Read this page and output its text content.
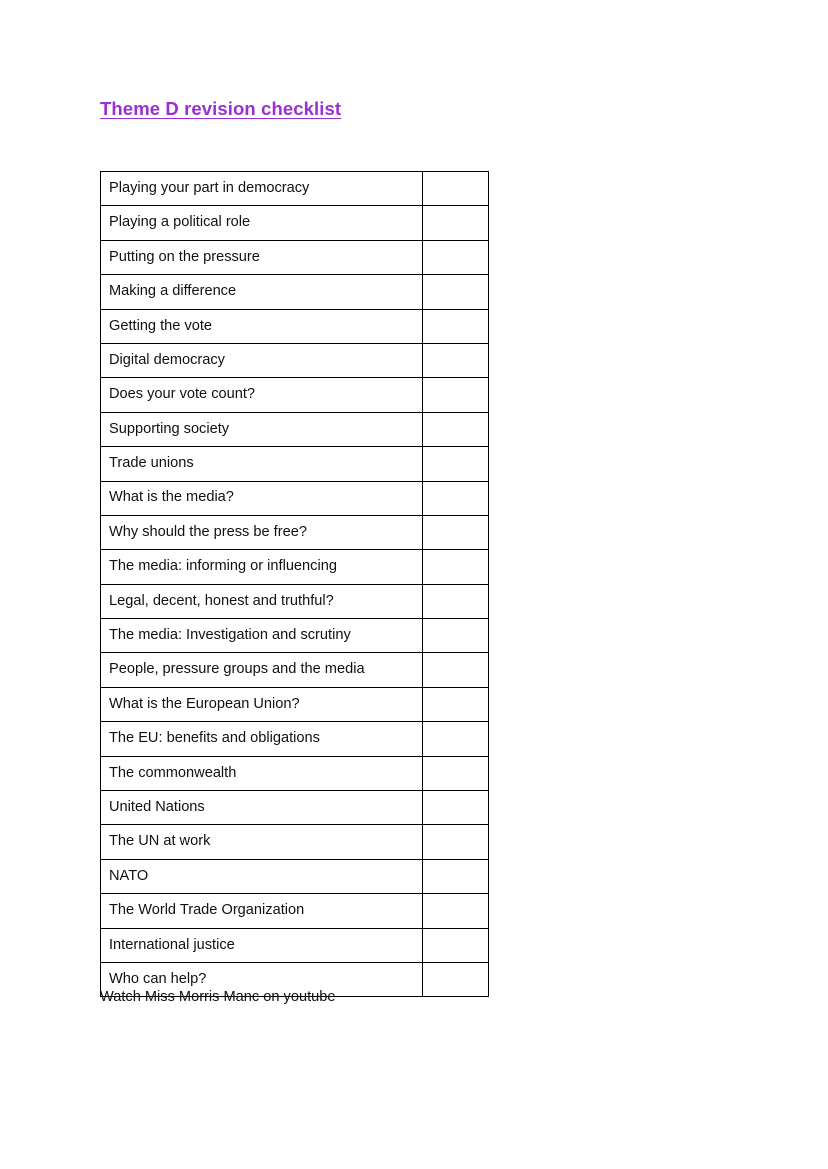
Theme D revision checklist
Playing your part in democracy	
Playing a political role	
Putting on the pressure	
Making a difference	
Getting the vote	
Digital democracy	
Does your vote count?	
Supporting society	
Trade unions	
What is the media?	
Why should the press be free?	
The media: informing or influencing	
Legal, decent, honest and truthful?	
The media: Investigation and scrutiny	
People, pressure groups and the media	
What is the European Union?	
The EU: benefits and obligations	
The commonwealth	
United Nations	
The UN at work	
NATO	
The World Trade Organization	
International justice	
Who can help?	
Watch Miss Morris Manc on youtube
